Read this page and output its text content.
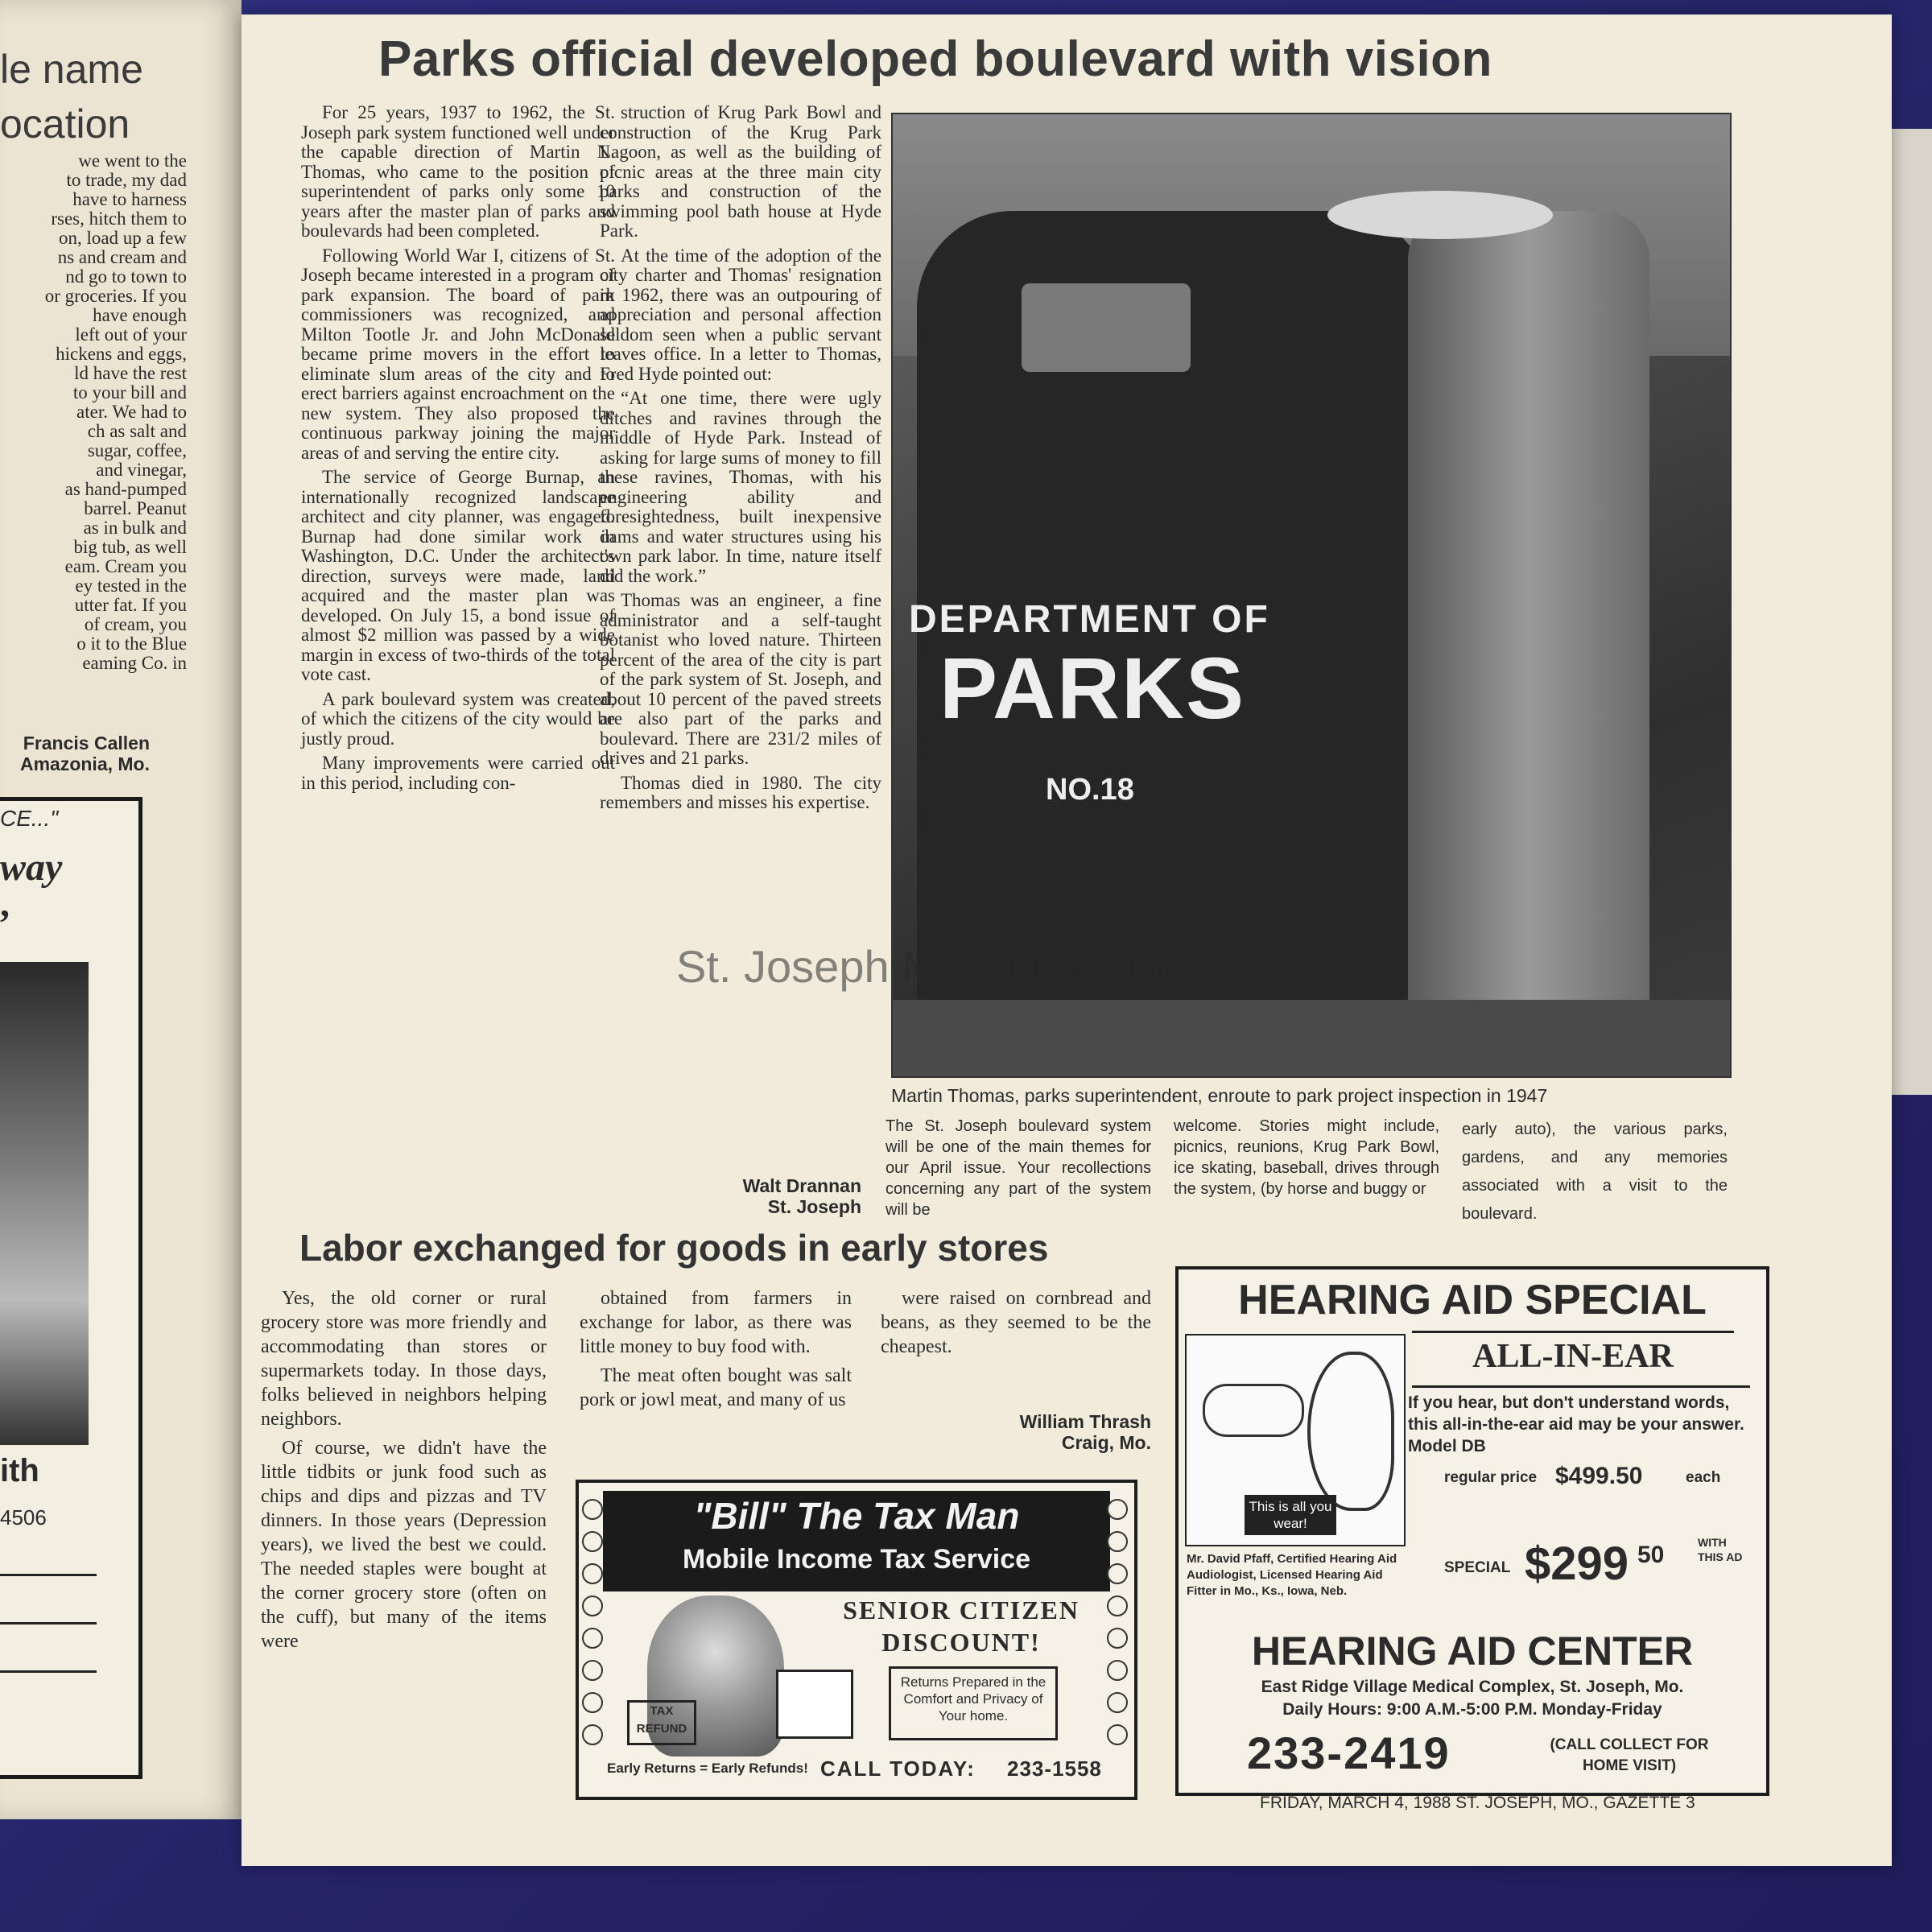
le name
ocation
we went to the
to trade, my dad
have to harness
rses, hitch them to
on, load up a few
ns and cream and
nd go to town to
or groceries. If you
have enough
left out of your
hickens and eggs,
ld have the rest
to your bill and
ater. We had to
ch as salt and
sugar, coffee,
and vinegar,
as hand-pumped
barrel. Peanut
as in bulk and
big tub, as well
eam. Cream you
ey tested in the
utter fat. If you
of cream, you
o it to the Blue
eaming Co. in
Francis Callen
Amazonia, Mo.
CE..."
way
,
ith
4506
Parks official developed boulevard with vision

For 25 years, 1937 to 1962, the St. Joseph park system functioned well under the capable direction of Martin N. Thomas, who came to the position of superintendent of parks only some 10 years after the master plan of parks and boulevards had been completed.

Following World War I, citizens of St. Joseph became interested in a program of park expansion. The board of park commissioners was recognized, and Milton Tootle Jr. and John McDonald became prime movers in the effort to eliminate slum areas of the city and to erect barriers against encroachment on the new system. They also proposed the continuous parkway joining the major areas of and serving the entire city.

The service of George Burnap, an internationally recognized landscape architect and city planner, was engaged. Burnap had done similar work in Washington, D.C. Under the architect's direction, surveys were made, land acquired and the master plan was developed. On July 15, a bond issue of almost $2 million was passed by a wide margin in excess of two-thirds of the total vote cast.

A park boulevard system was created, of which the citizens of the city would be justly proud.

Many improvements were carried out in this period, including con-

struction of Krug Park Bowl and construction of the Krug Park Lagoon, as well as the building of picnic areas at the three main city parks and construction of the swimming pool bath house at Hyde Park.

At the time of the adoption of the city charter and Thomas' resignation in 1962, there was an outpouring of appreciation and personal affection seldom seen when a public servant leaves office. In a letter to Thomas, Fred Hyde pointed out:

“At one time, there were ugly ditches and ravines through the middle of Hyde Park. Instead of asking for large sums of money to fill these ravines, Thomas, with his engineering ability and foresightedness, built inexpensive dams and water structures using his own park labor. In time, nature itself did the work.”

Thomas was an engineer, a fine administrator and a self-taught botanist who loved nature. Thirteen percent of the area of the city is part of the park system of St. Joseph, and about 10 percent of the paved streets are also part of the parks and boulevard. There are 231/2 miles of drives and 21 parks.

Thomas died in 1980. The city remembers and misses his expertise.

Walt Drannan
St. Joseph
DEPARTMENT OF
PARKS
NO.18
St. Joseph Museums, Inc.
Martin Thomas, parks superintendent, enroute to park project inspection in 1947
The St. Joseph boulevard system will be one of the main themes for our April issue. Your recollections concerning any part of the system will be
welcome. Stories might include, picnics, reunions, Krug Park Bowl, ice skating, baseball, drives through the system, (by horse and buggy or
early auto), the various parks, gardens, and any memories associated with a visit to the boulevard.
Labor exchanged for goods in early stores

Yes, the old corner or rural grocery store was more friendly and accommodating than stores or supermarkets today. In those days, folks believed in neighbors helping neighbors.

Of course, we didn't have the little tidbits or junk food such as chips and dips and pizzas and TV dinners. In those years (Depression years), we lived the best we could. The needed staples were bought at the corner grocery store (often on the cuff), but many of the items were

obtained from farmers in exchange for labor, as there was little money to buy food with.

The meat often bought was salt pork or jowl meat, and many of us

were raised on cornbread and beans, as they seemed to be the cheapest.

William Thrash
Craig, Mo.
"Bill" The Tax Man
Mobile Income Tax Service
SENIOR CITIZEN
DISCOUNT!
Returns Prepared in the Comfort and Privacy of Your home.
TAX REFUND
Early Returns = Early Refunds! CALL TODAY: 233-1558
HEARING AID SPECIAL
ALL-IN-EAR
This is all you wear!
If you hear, but don't understand words, this all-in-the-ear aid may be your answer. Model DB
regular price $499.50	each
SPECIAL $299 50	WITH THIS AD
Mr. David Pfaff, Certified Hearing Aid Audiologist, Licensed Hearing Aid Fitter in Mo., Ks., Iowa, Neb.
HEARING AID CENTER
East Ridge Village Medical Complex, St. Joseph, Mo.
Daily Hours: 9:00 A.M.-5:00 P.M. Monday-Friday
233-2419	(CALL COLLECT FOR HOME VISIT)
FRIDAY, MARCH 4, 1988 ST. JOSEPH, MO., GAZETTE 3
